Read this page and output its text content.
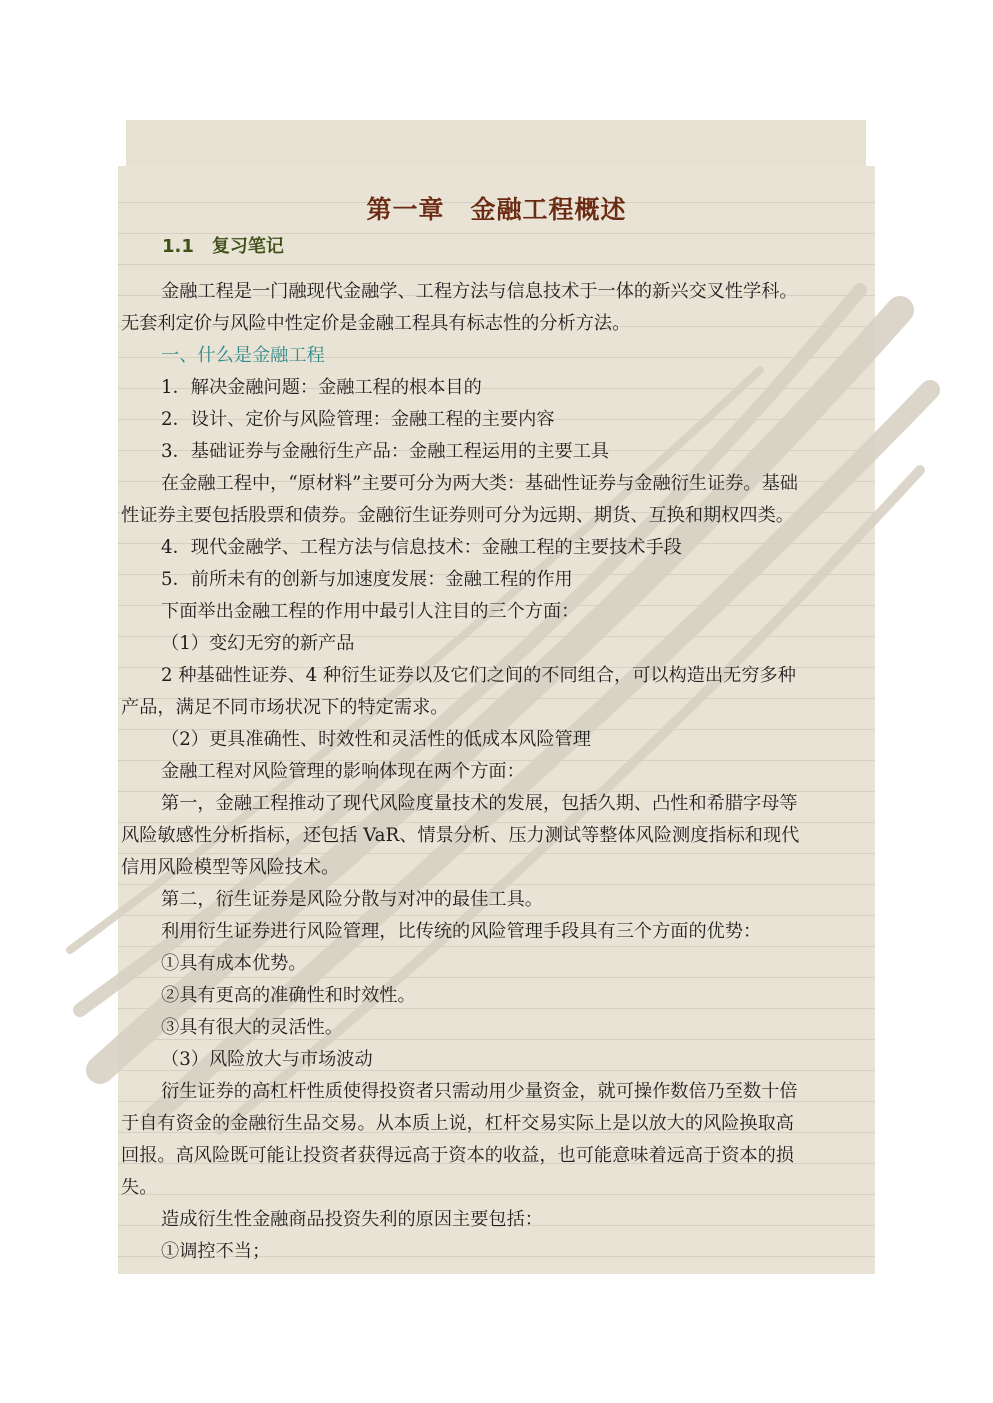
第一章　金融工程概述
1.1 复习笔记
金融工程是一门融现代金融学、工程方法与信息技术于一体的新兴交叉性学科。
无套利定价与风险中性定价是金融工程具有标志性的分析方法。
一、什么是金融工程
1．解决金融问题：金融工程的根本目的
2．设计、定价与风险管理：金融工程的主要内容
3．基础证券与金融衍生产品：金融工程运用的主要工具
在金融工程中，“原材料”主要可分为两大类：基础性证券与金融衍生证券。基础
性证券主要包括股票和债券。金融衍生证券则可分为远期、期货、互换和期权四类。
4．现代金融学、工程方法与信息技术：金融工程的主要技术手段
5．前所未有的创新与加速度发展：金融工程的作用
下面举出金融工程的作用中最引人注目的三个方面：
（1）变幻无穷的新产品
2 种基础性证券、4 种衍生证券以及它们之间的不同组合，可以构造出无穷多种
产品，满足不同市场状况下的特定需求。
（2）更具准确性、时效性和灵活性的低成本风险管理
金融工程对风险管理的影响体现在两个方面：
第一，金融工程推动了现代风险度量技术的发展，包括久期、凸性和希腊字母等
风险敏感性分析指标，还包括 VaR、情景分析、压力测试等整体风险测度指标和现代
信用风险模型等风险技术。
第二，衍生证券是风险分散与对冲的最佳工具。
利用衍生证券进行风险管理，比传统的风险管理手段具有三个方面的优势：
①具有成本优势。
②具有更高的准确性和时效性。
③具有很大的灵活性。
（3）风险放大与市场波动
衍生证券的高杠杆性质使得投资者只需动用少量资金，就可操作数倍乃至数十倍
于自有资金的金融衍生品交易。从本质上说，杠杆交易实际上是以放大的风险换取高
回报。高风险既可能让投资者获得远高于资本的收益，也可能意味着远高于资本的损
失。
造成衍生性金融商品投资失利的原因主要包括：
①调控不当；
